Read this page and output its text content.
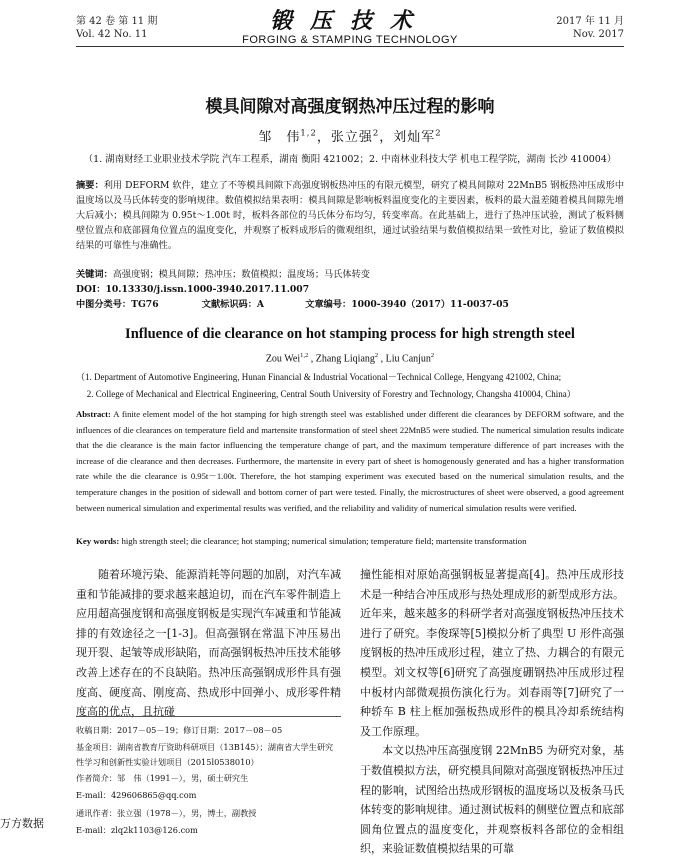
第 42 卷 第 11 期
Vol. 42 No. 11
锻压技术
FORGING & STAMPING TECHNOLOGY
2017 年 11 月
Nov. 2017
模具间隙对高强度钢热冲压过程的影响
邹　伟$^{1,2}$，张立强$^2$，刘灿军$^2$
（1. 湖南财经工业职业技术学院 汽车工程系，湖南 衡阳 421002；2. 中南林业科技大学 机电工程学院，湖南 长沙 410004）
摘要：利用 DEFORM 软件，建立了不等模具间隙下高强度钢板热冲压的有限元模型，研究了模具间隙对 22MnB5 钢板热冲压成形中温度场以及马氏体转变的影响规律。数值模拟结果表明：模具间隙是影响板料温度变化的主要因素，板料的最大温差随着模具间隙先增大后减小；模具间隙为 0.95t～1.00t 时，板料各部位的马氏体分布均匀，转变率高。在此基础上，进行了热冲压试验，测试了板料侧壁位置点和底部圆角位置点的温度变化，并观察了板料成形后的微观组织，通过试验结果与数值模拟结果一致性对比，验证了数值模拟结果的可靠性与准确性。
关键词：高强度钢；模具间隙；热冲压；数值模拟；温度场；马氏体转变
DOI：10.13330/j.issn.1000-3940.2017.11.007
中图分类号：TG76	文献标识码：A	文章编号：1000-3940（2017）11-0037-05
Influence of die clearance on hot stamping process for high strength steel
Zou Wei$^{1,2}$ , Zhang Liqiang$^2$ , Liu Canjun$^2$
（1. Department of Automotive Engineering, Hunan Financial & Industrial Vocational－Technical College, Hengyang 421002, China;
2. College of Mechanical and Electrical Engineering, Central South University of Forestry and Technology, Changsha 410004, China）
Abstract: A finite element model of the hot stamping for high strength steel was established under different die clearances by DEFORM software, and the influences of die clearances on temperature field and martensite transformation of steel sheet 22MnB5 were studied. The numerical simulation results indicate that the die clearance is the main factor influencing the temperature change of part, and the maximum temperature difference of part increases with the increase of die clearance and then decreases. Furthermore, the martensite in every part of sheet is homogenously generated and has a higher transformation rate while the die clearance is 0.95t－1.00t. Therefore, the hot stamping experiment was executed based on the numerical simulation results, and the temperature changes in the position of sidewall and bottom corner of part were tested. Finally, the microstructures of sheet were observed, a good agreement between numerical simulation and experimental results was verified, and the reliability and validity of numerical simulation results were verified.
Key words: high strength steel; die clearance; hot stamping; numerical simulation; temperature field; martensite transformation

随着环境污染、能源消耗等问题的加剧，对汽车减重和节能减排的要求越来越迫切，而在汽车零件制造上应用超高强度钢和高强度钢板是实现汽车减重和节能减排的有效途径之一[1-3]。但高强钢在常温下冲压易出现开裂、起皱等成形缺陷，而高强钢板热冲压技术能够改善上述存在的不良缺陷。热冲压高强钢成形件具有强度高、硬度高、刚度高、热成形中回弹小、成形零件精度高的优点，且抗碰

撞性能相对原始高强钢板显著提高[4]。热冲压成形技术是一种结合冲压成形与热处理成形的新型成形方法。近年来，越来越多的科研学者对高强度钢板热冲压技术进行了研究。李俊琛等[5]模拟分析了典型 U 形件高强度钢板的热冲压成形过程，建立了热、力耦合的有限元模型。刘文权等[6]研究了高强度硼钢热冲压成形过程中板材内部微观损伤演化行为。刘春雨等[7]研究了一种轿车 B 柱上框加强板热成形件的模具冷却系统结构及工作原理。

本文以热冲压高强度钢 22MnB5 为研究对象，基于数值模拟方法，研究模具间隙对高强度钢板热冲压过程的影响，试图给出热成形钢板的温度场以及板条马氏体转变的影响规律。通过测试板料的侧壁位置点和底部圆角位置点的温度变化，并观察板料各部位的金相组织，来验证数值模拟结果的可靠

收稿日期：2017－05－19；修订日期：2017－08－05
基金项目：湖南省教育厅资助科研项目（13B145）；湖南省大学生研究性学习和创新性实验计划项目（2015l0538010）
作者简介：邹　伟（1991－），男，硕士研究生
E-mail：429606865@qq.com
通讯作者：张立强（1978－），男，博士，副教授
E-mail：zlq2k1103@126.com
万方数据
